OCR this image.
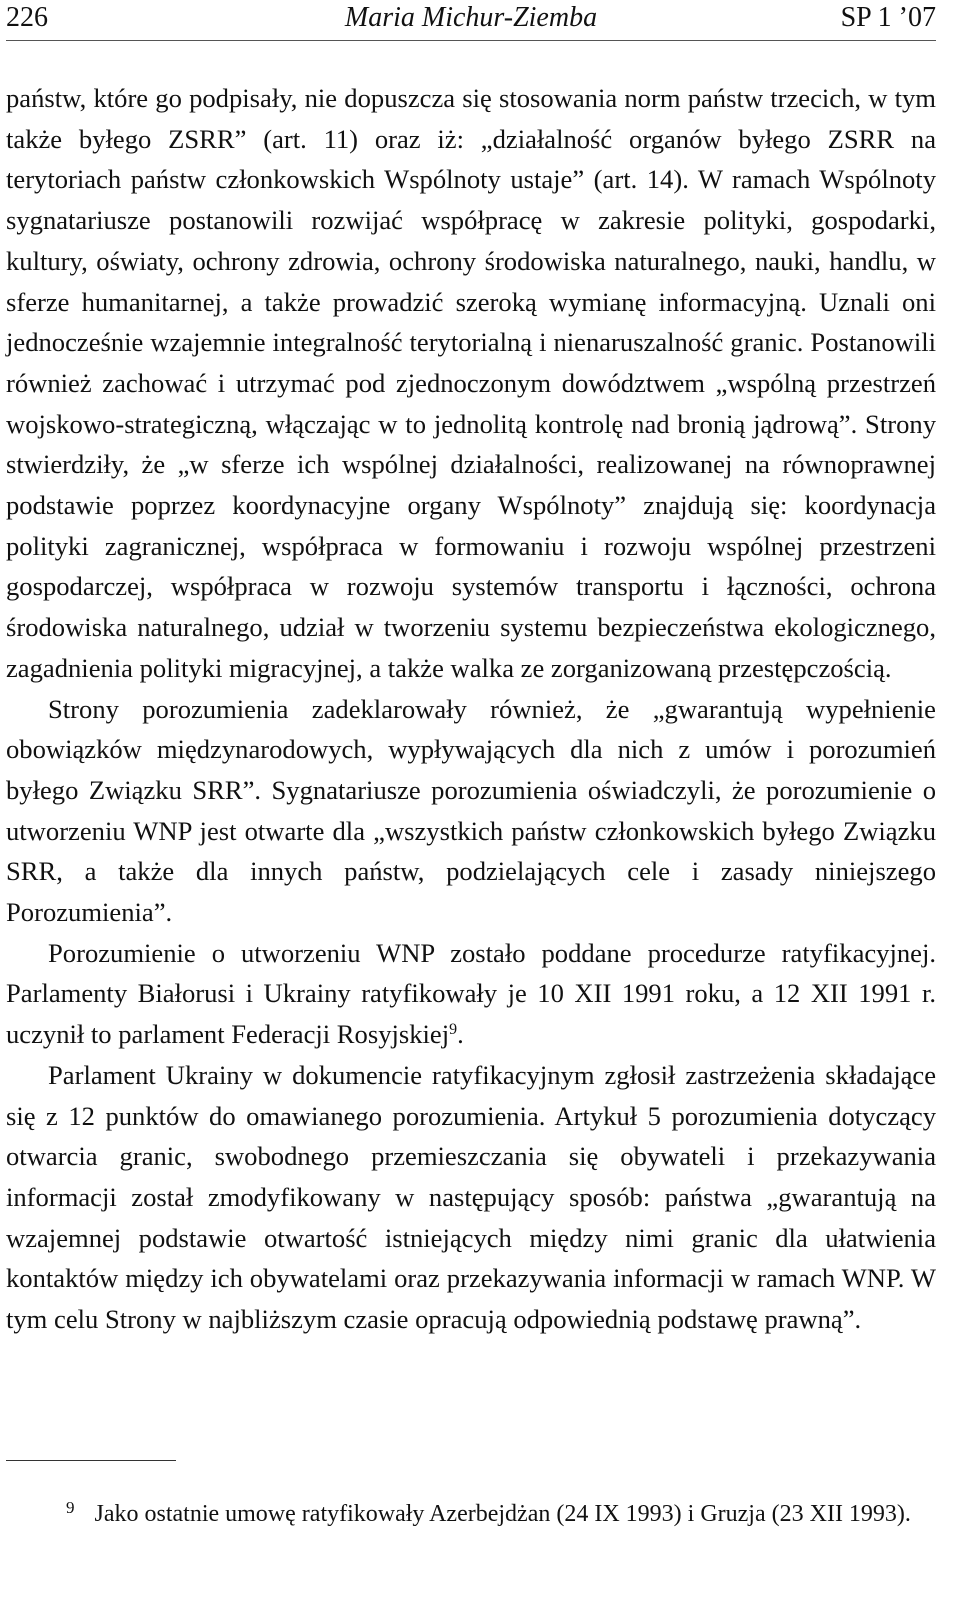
226	Maria Michur-Ziemba	SP 1 ’07

państw, które go podpisały, nie dopuszcza się stosowania norm państw trzecich, w tym także byłego ZSRR” (art. 11) oraz iż: „działalność organów byłego ZSRR na terytoriach państw członkowskich Wspólnoty ustaje” (art. 14). W ramach Wspólnoty sygnatariusze postanowili rozwijać współpracę w zakresie polityki, gospodarki, kultury, oświaty, ochrony zdrowia, ochrony środowiska naturalnego, nauki, handlu, w sferze humanitarnej, a także prowadzić szeroką wymianę informacyjną. Uznali oni jednocześnie wzajemnie integralność terytorialną i nienaruszalność granic. Postanowili również zachować i utrzymać pod zjednoczonym dowództwem „wspólną przestrzeń wojskowo-strategiczną, włączając w to jednolitą kontrolę nad bronią jądrową”. Strony stwierdziły, że „w sferze ich wspólnej działalności, realizowanej na równoprawnej podstawie poprzez koordynacyjne organy Wspólnoty” znajdują się: koordynacja polityki zagranicznej, współpraca w formowaniu i rozwoju wspólnej przestrzeni gospodarczej, współpraca w rozwoju systemów transportu i łączności, ochrona środowiska naturalnego, udział w tworzeniu systemu bezpieczeństwa ekologicznego, zagadnienia polityki migracyjnej, a także walka ze zorganizowaną przestępczością.

Strony porozumienia zadeklarowały również, że „gwarantują wypełnienie obowiązków międzynarodowych, wypływających dla nich z umów i porozumień byłego Związku SRR”. Sygnatariusze porozumienia oświadczyli, że porozumienie o utworzeniu WNP jest otwarte dla „wszystkich państw członkowskich byłego Związku SRR, a także dla innych państw, podzielających cele i zasady niniejszego Porozumienia”.

Porozumienie o utworzeniu WNP zostało poddane procedurze ratyfikacyjnej. Parlamenty Białorusi i Ukrainy ratyfikowały je 10 XII 1991 roku, a 12 XII 1991 r. uczynił to parlament Federacji Rosyjskiej$^9$.

Parlament Ukrainy w dokumencie ratyfikacyjnym zgłosił zastrzeżenia składające się z 12 punktów do omawianego porozumienia. Artykuł 5 porozumienia dotyczący otwarcia granic, swobodnego przemieszczania się obywateli i przekazywania informacji został zmodyfikowany w następujący sposób: państwa „gwarantują na wzajemnej podstawie otwartość istniejących między nimi granic dla ułatwienia kontaktów między ich obywatelami oraz przekazywania informacji w ramach WNP. W tym celu Strony w najbliższym czasie opracują odpowiednią podstawę prawną”.

9 Jako ostatnie umowę ratyfikowały Azerbejdżan (24 IX 1993) i Gruzja (23 XII 1993).
